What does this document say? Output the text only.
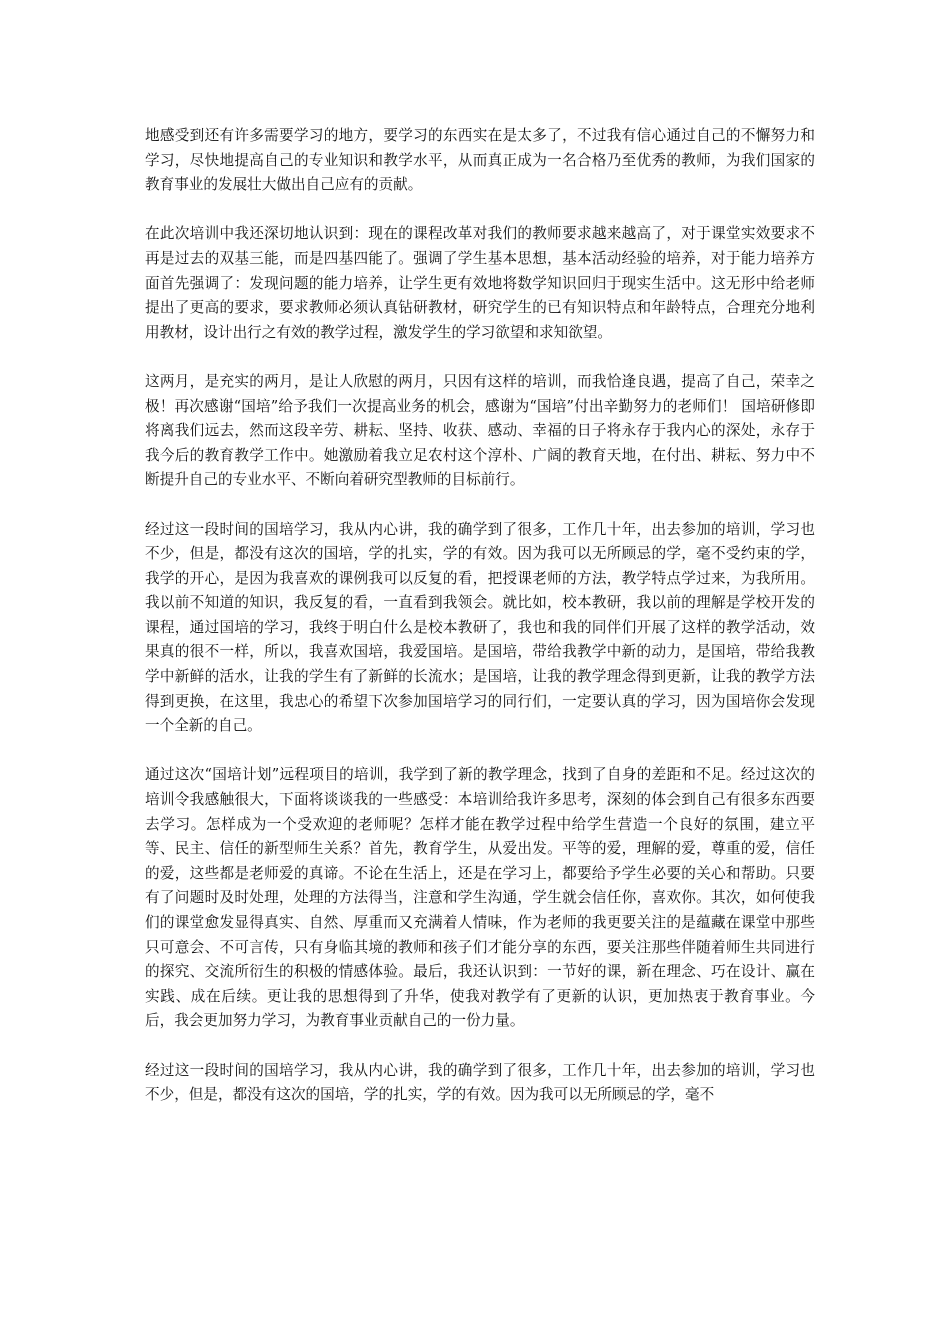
地感受到还有许多需要学习的地方，要学习的东西实在是太多了，不过我有信心通过自己的不懈努力和学习，尽快地提高自己的专业知识和教学水平，从而真正成为一名合格乃至优秀的教师，为我们国家的教育事业的发展壮大做出自己应有的贡献。

在此次培训中我还深切地认识到：现在的课程改革对我们的教师要求越来越高了，对于课堂实效要求不再是过去的双基三能，而是四基四能了。强调了学生基本思想，基本活动经验的培养，对于能力培养方面首先强调了：发现问题的能力培养，让学生更有效地将数学知识回归于现实生活中。这无形中给老师提出了更高的要求，要求教师必须认真钻研教材，研究学生的已有知识特点和年龄特点，合理充分地利用教材，设计出行之有效的教学过程，激发学生的学习欲望和求知欲望。

这两月，是充实的两月，是让人欣慰的两月，只因有这样的培训，而我恰逢良遇，提高了自己，荣幸之极！再次感谢“国培”给予我们一次提高业务的机会，感谢为“国培”付出辛勤努力的老师们！ 国培研修即将离我们远去，然而这段辛劳、耕耘、坚持、收获、感动、幸福的日子将永存于我内心的深处，永存于我今后的教育教学工作中。她激励着我立足农村这个淳朴、广阔的教育天地，在付出、耕耘、努力中不断提升自己的专业水平、不断向着研究型教师的目标前行。

经过这一段时间的国培学习，我从内心讲，我的确学到了很多，工作几十年，出去参加的培训，学习也不少，但是，都没有这次的国培，学的扎实，学的有效。因为我可以无所顾忌的学，毫不受约束的学，我学的开心，是因为我喜欢的课例我可以反复的看，把授课老师的方法，教学特点学过来，为我所用。我以前不知道的知识，我反复的看，一直看到我领会。就比如，校本教研，我以前的理解是学校开发的课程，通过国培的学习，我终于明白什么是校本教研了，我也和我的同伴们开展了这样的教学活动，效果真的很不一样，所以，我喜欢国培，我爱国培。是国培，带给我教学中新的动力，是国培，带给我教学中新鲜的活水，让我的学生有了新鲜的长流水；是国培，让我的教学理念得到更新，让我的教学方法得到更换，在这里，我忠心的希望下次参加国培学习的同行们，一定要认真的学习，因为国培你会发现一个全新的自己。

通过这次“国培计划”远程项目的培训，我学到了新的教学理念，找到了自身的差距和不足。经过这次的培训令我感触很大，下面将谈谈我的一些感受：本培训给我许多思考，深刻的体会到自己有很多东西要去学习。怎样成为一个受欢迎的老师呢？怎样才能在教学过程中给学生营造一个良好的氛围，建立平等、民主、信任的新型师生关系？首先，教育学生，从爱出发。平等的爱，理解的爱，尊重的爱，信任的爱，这些都是老师爱的真谛。不论在生活上，还是在学习上，都要给予学生必要的关心和帮助。只要有了问题时及时处理，处理的方法得当，注意和学生沟通，学生就会信任你，喜欢你。其次，如何使我们的课堂愈发显得真实、自然、厚重而又充满着人情味，作为老师的我更要关注的是蕴藏在课堂中那些只可意会、不可言传，只有身临其境的教师和孩子们才能分享的东西，要关注那些伴随着师生共同进行的探究、交流所衍生的积极的情感体验。最后，我还认识到：一节好的课，新在理念、巧在设计、赢在实践、成在后续。更让我的思想得到了升华，使我对教学有了更新的认识，更加热衷于教育事业。今后，我会更加努力学习，为教育事业贡献自己的一份力量。

经过这一段时间的国培学习，我从内心讲，我的确学到了很多，工作几十年，出去参加的培训，学习也不少，但是，都没有这次的国培，学的扎实，学的有效。因为我可以无所顾忌的学，毫不
